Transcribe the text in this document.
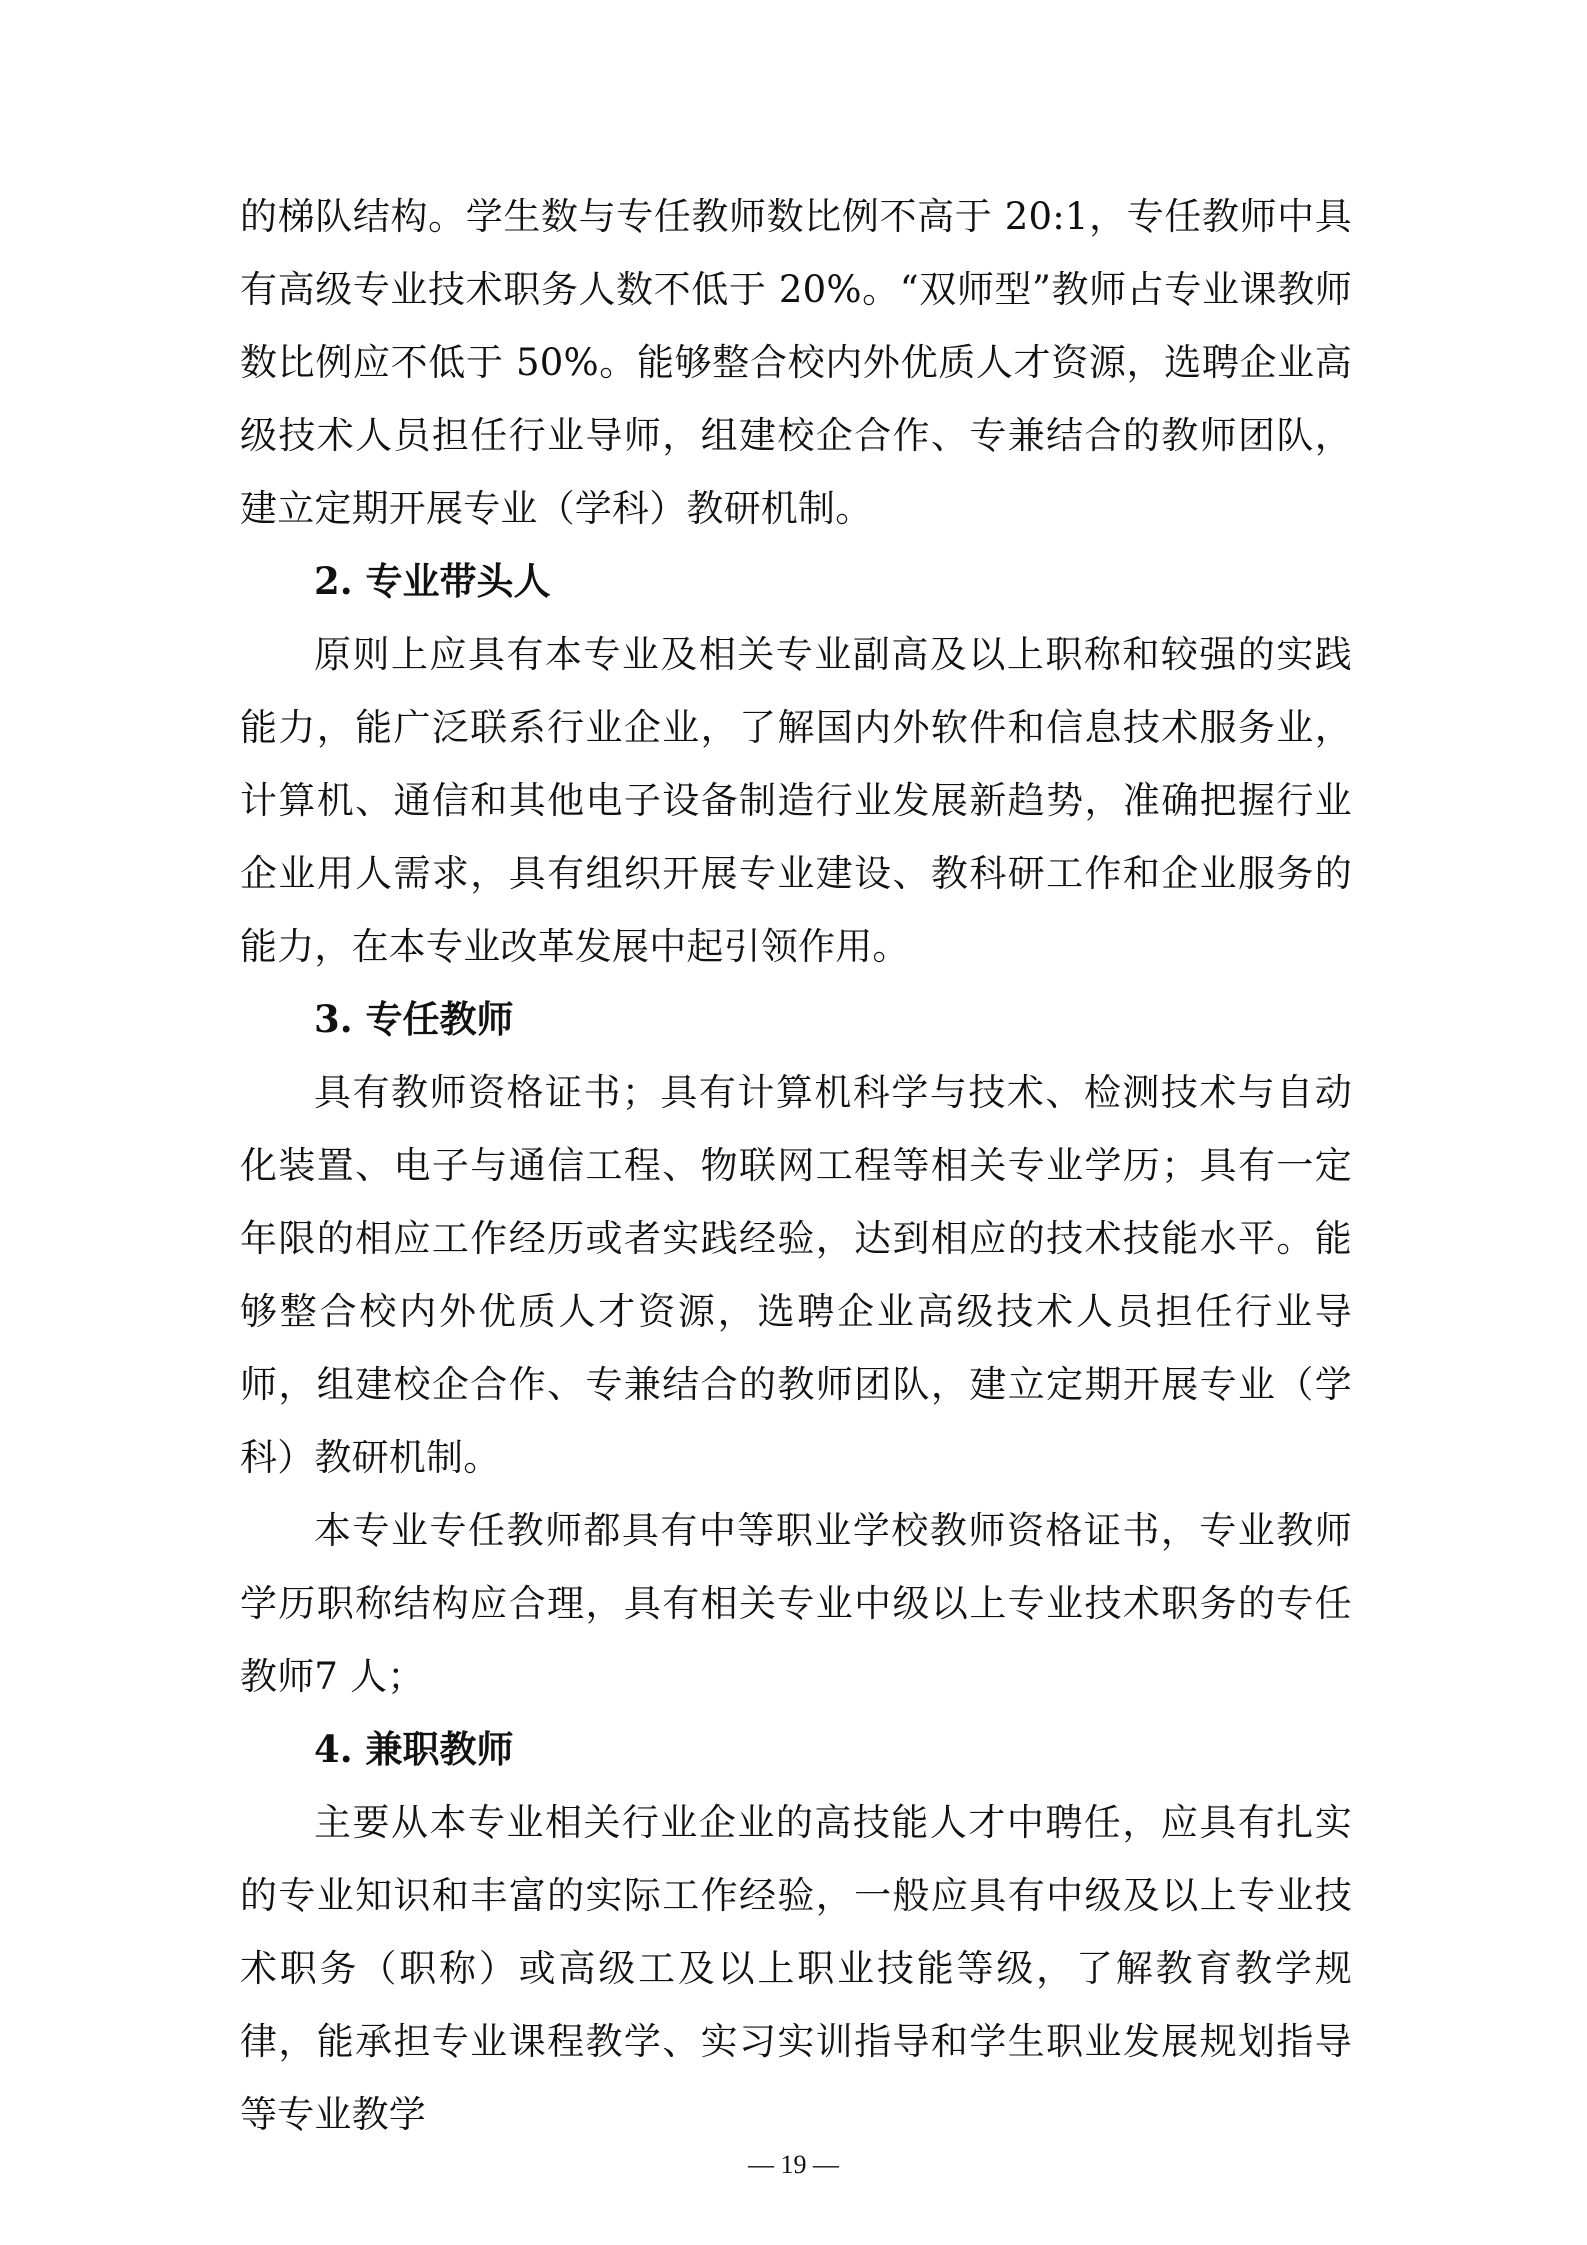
的梯队结构。学生数与专任教师数比例不高于 20:1，专任教师中具有高级专业技术职务人数不低于 20%。“双师型”教师占专业课教师数比例应不低于 50%。能够整合校内外优质人才资源，选聘企业高级技术人员担任行业导师，组建校企合作、专兼结合的教师团队，建立定期开展专业（学科）教研机制。

2. 专业带头人

原则上应具有本专业及相关专业副高及以上职称和较强的实践能力，能广泛联系行业企业，了解国内外软件和信息技术服务业，计算机、通信和其他电子设备制造行业发展新趋势，准确把握行业企业用人需求，具有组织开展专业建设、教科研工作和企业服务的能力，在本专业改革发展中起引领作用。

3. 专任教师

具有教师资格证书；具有计算机科学与技术、检测技术与自动化装置、电子与通信工程、物联网工程等相关专业学历；具有一定年限的相应工作经历或者实践经验，达到相应的技术技能水平。能够整合校内外优质人才资源，选聘企业高级技术人员担任行业导师，组建校企合作、专兼结合的教师团队，建立定期开展专业（学科）教研机制。

本专业专任教师都具有中等职业学校教师资格证书，专业教师学历职称结构应合理，具有相关专业中级以上专业技术职务的专任教师7 人；

4. 兼职教师

主要从本专业相关行业企业的高技能人才中聘任，应具有扎实的专业知识和丰富的实际工作经验，一般应具有中级及以上专业技术职务（职称）或高级工及以上职业技能等级，了解教育教学规律，能承担专业课程教学、实习实训指导和学生职业发展规划指导等专业教学

— 19 —
